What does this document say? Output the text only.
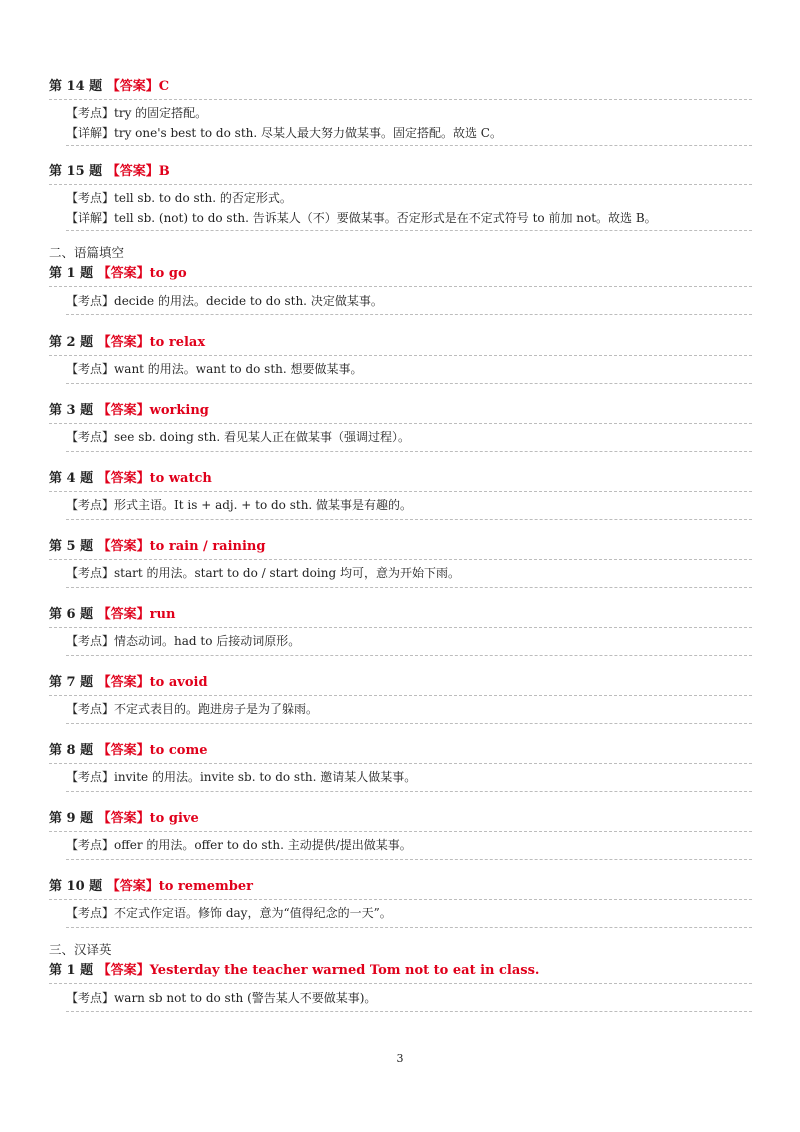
第 14 题 【答案】C
【考点】try 的固定搭配。
【详解】try one's best to do sth. 尽某人最大努力做某事。固定搭配。故选 C。
第 15 题 【答案】B
【考点】tell sb. to do sth. 的否定形式。
【详解】tell sb. (not) to do sth. 告诉某人（不）要做某事。否定形式是在不定式符号 to 前加 not。故选 B。
二、语篇填空
第 1 题 【答案】to go
【考点】decide 的用法。decide to do sth. 决定做某事。
第 2 题 【答案】to relax
【考点】want 的用法。want to do sth. 想要做某事。
第 3 题 【答案】working
【考点】see sb. doing sth. 看见某人正在做某事（强调过程）。
第 4 题 【答案】to watch
【考点】形式主语。It is + adj. + to do sth. 做某事是有趣的。
第 5 题 【答案】to rain / raining
【考点】start 的用法。start to do / start doing 均可，意为开始下雨。
第 6 题 【答案】run
【考点】情态动词。had to 后接动词原形。
第 7 题 【答案】to avoid
【考点】不定式表目的。跑进房子是为了躲雨。
第 8 题 【答案】to come
【考点】invite 的用法。invite sb. to do sth. 邀请某人做某事。
第 9 题 【答案】to give
【考点】offer 的用法。offer to do sth. 主动提供/提出做某事。
第 10 题 【答案】to remember
【考点】不定式作定语。修饰 day，意为“值得纪念的一天”。
三、汉译英
第 1 题 【答案】Yesterday the teacher warned Tom not to eat in class.
【考点】warn sb not to do sth (警告某人不要做某事)。
3
